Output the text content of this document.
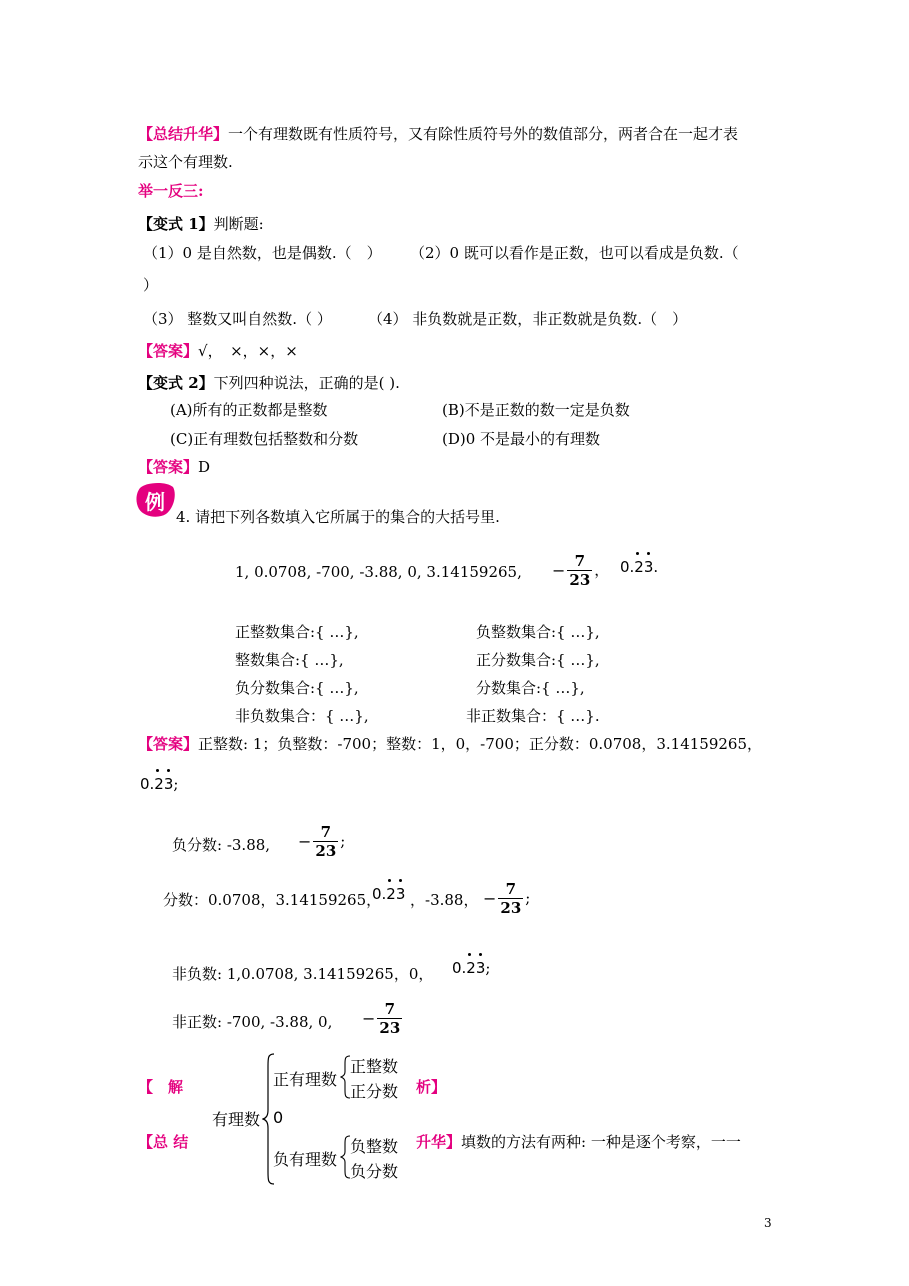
【总结升华】一个有理数既有性质符号，又有除性质符号外的数值部分，两者合在一起才表
示这个有理数.
举一反三:
【变式 1】判断题:
（1）0 是自然数，也是偶数.（　） （2）0 既可以看作是正数，也可以看成是负数.（
）
（3） 整数又叫自然数.（ ） （4） 非负数就是正数，非正数就是负数.（　）
【答案】√，　×，×，×
【变式 2】下列四种说法，正确的是( ).
(A)所有的正数都是整数	(B)不是正数的数一定是负数
(C)正有理数包括整数和分数	(D)0 不是最小的有理数
【答案】D
例
4. 请把下列各数填入它所属于的集合的大括号里.
1, 0.0708, -700, -3.88, 0, 3.14159265, − $\frac{7}{23}$ ， 0.23
.
正整数集合:{ …},	负整数集合:{ …},
整数集合:{ …},	正分数集合:{ …},
负分数集合:{ …},	分数集合:{ …},
非负数集合：{ …},	非正数集合：{ …}.
【答案】正整数: 1；负整数：-700；整数：1，0，-700；正分数：0.0708，3.14159265，
0.23
;
负分数: -3.88, − $\frac{7}{23}$ ;
分数：0.0708，3.14159265，
0.23 ，-3.88， − $\frac{7}{23}$ ;
非负数: 1,0.0708, 3.14159265，0， 0.23
;
非正数: -700, -3.88, 0, − $\frac{7}{23}$
【　解	析】
有理数
正有理数
0
负有理数
正整数
正分数
负整数
负分数
【总 结	升华】填数的方法有两种: 一种是逐个考察，一一
3
